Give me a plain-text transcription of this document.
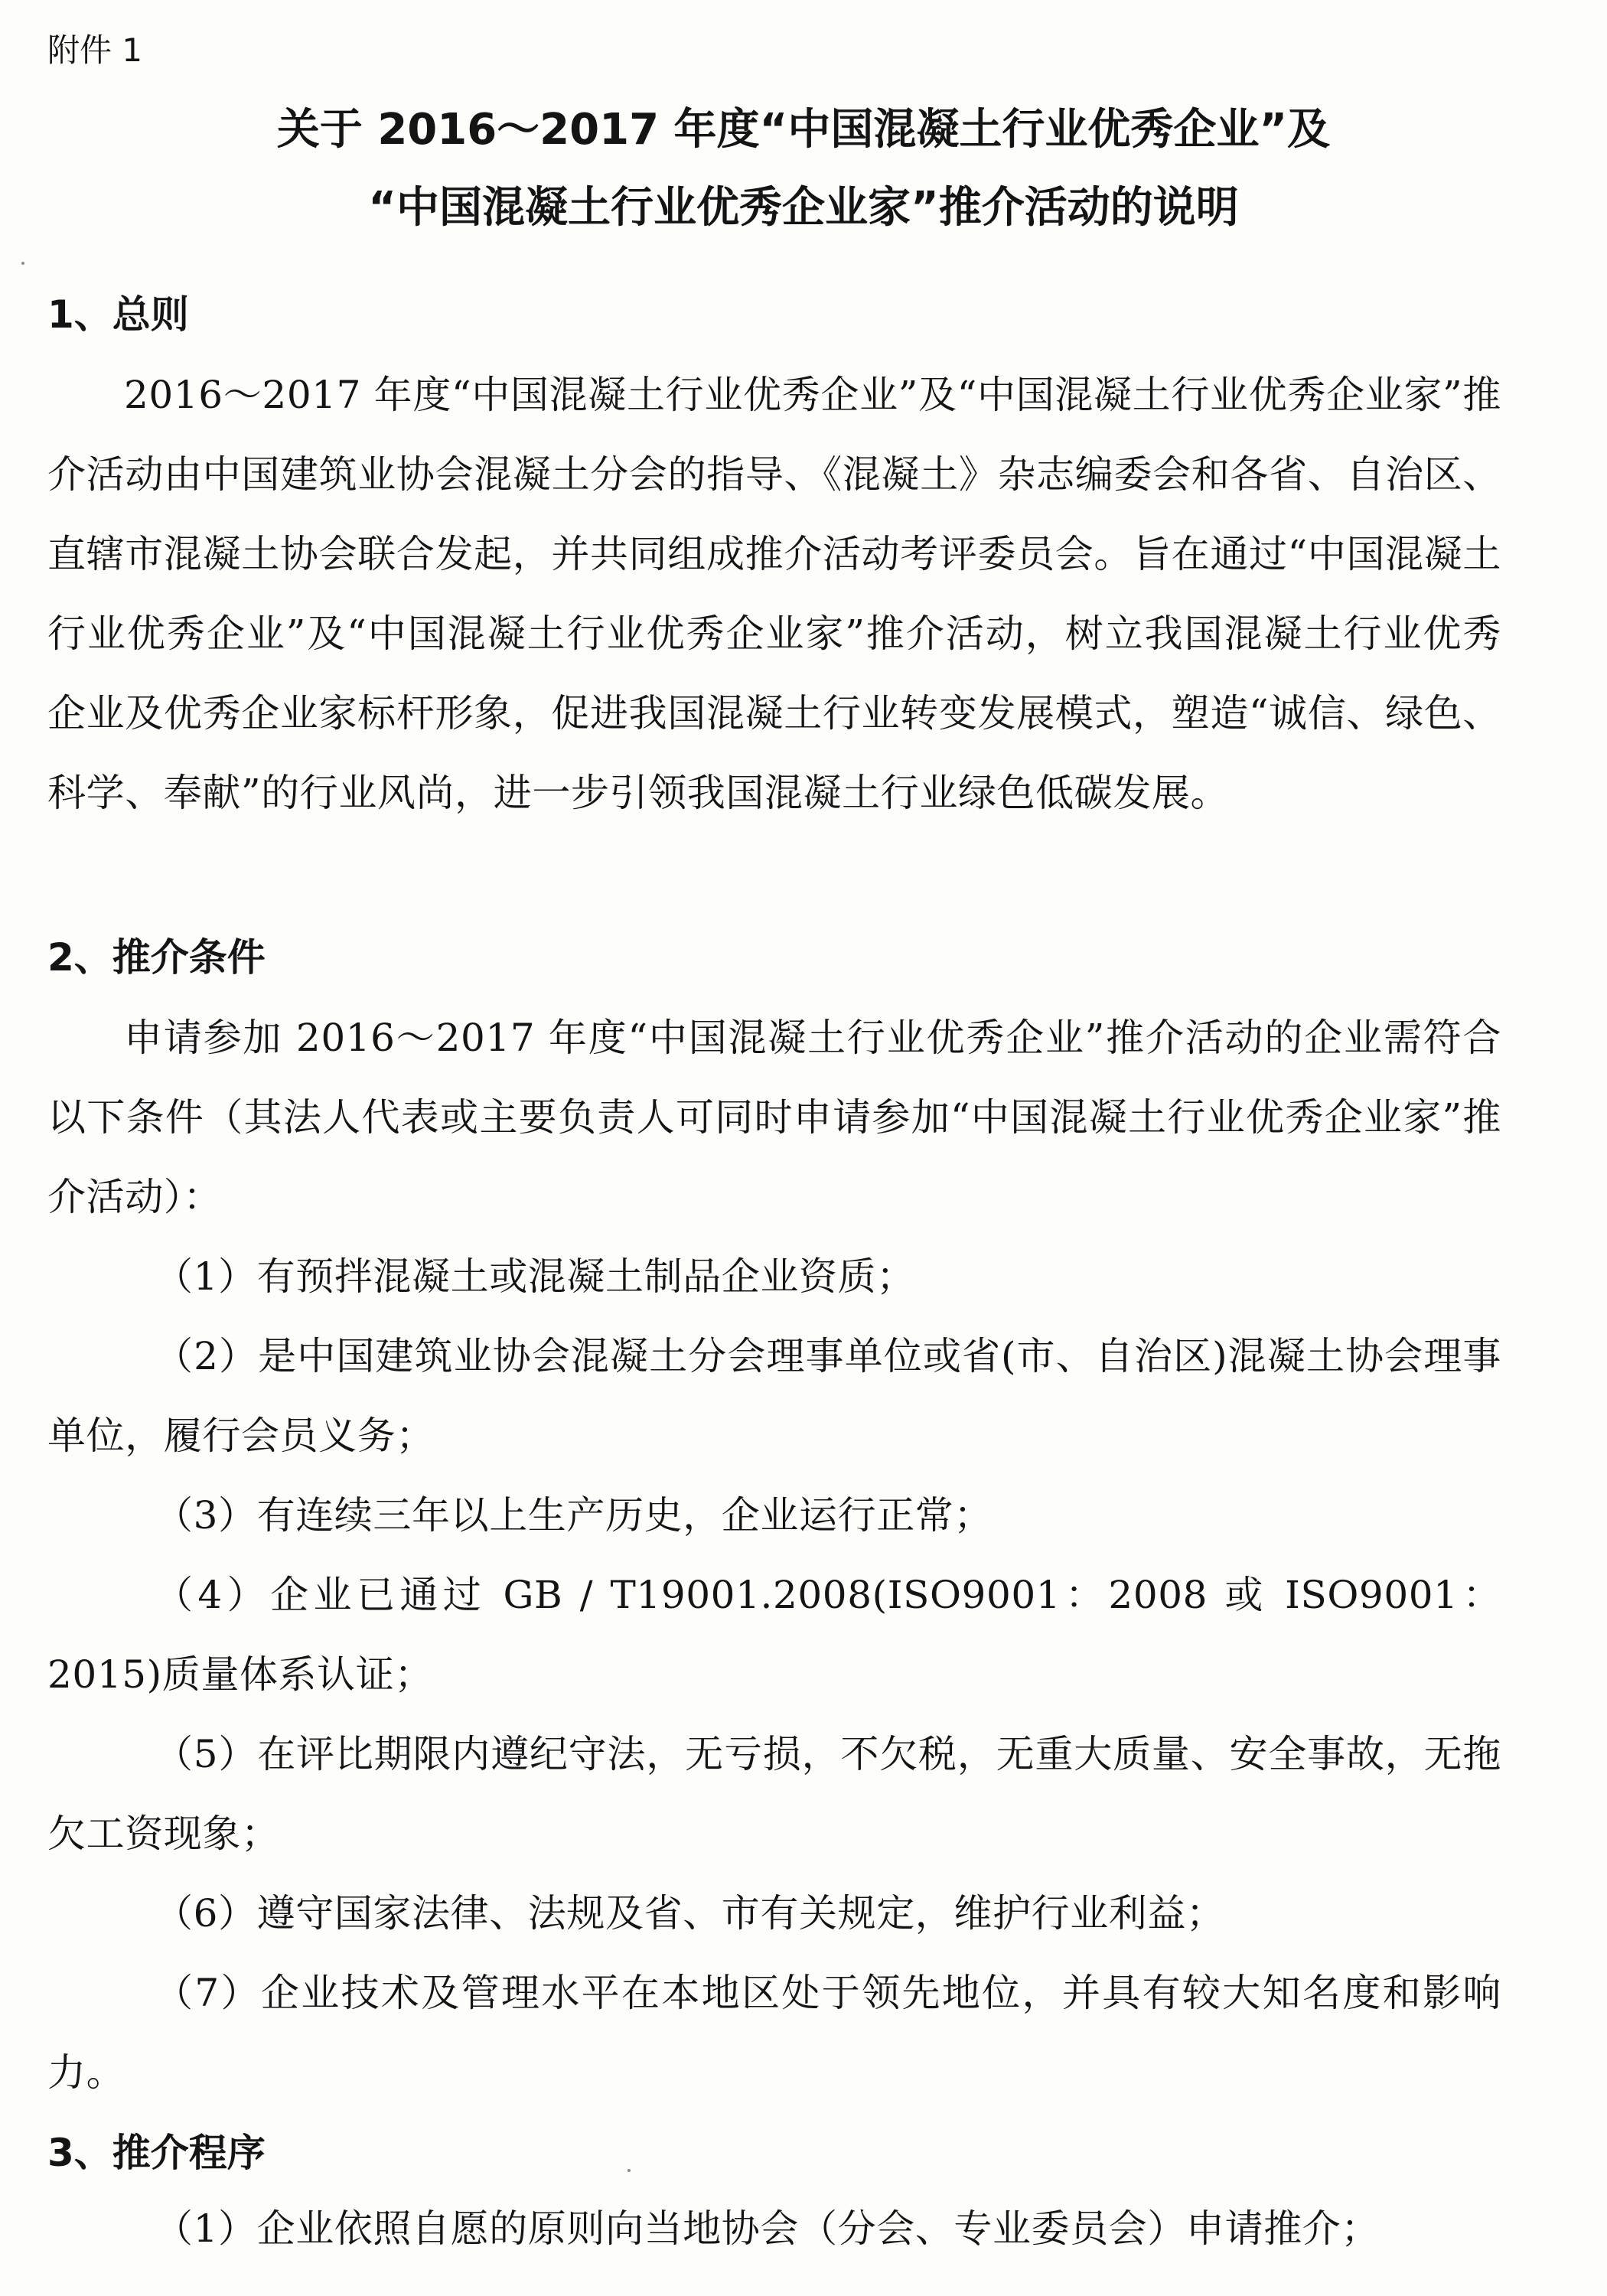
附件 1

关于 2016～2017 年度“中国混凝土行业优秀企业”及
“中国混凝土行业优秀企业家”推介活动的说明
1、总则

2016～2017 年度“中国混凝土行业优秀企业”及“中国混凝土行业优秀企业家”推介活动由中国建筑业协会混凝土分会的指导、《混凝土》杂志编委会和各省、自治区、直辖市混凝土协会联合发起，并共同组成推介活动考评委员会。旨在通过“中国混凝土行业优秀企业”及“中国混凝土行业优秀企业家”推介活动，树立我国混凝土行业优秀企业及优秀企业家标杆形象，促进我国混凝土行业转变发展模式，塑造“诚信、绿色、科学、奉献”的行业风尚，进一步引领我国混凝土行业绿色低碳发展。

2、推介条件

申请参加 2016～2017 年度“中国混凝土行业优秀企业”推介活动的企业需符合以下条件（其法人代表或主要负责人可同时申请参加“中国混凝土行业优秀企业家”推介活动）：

（1）有预拌混凝土或混凝土制品企业资质；

（2）是中国建筑业协会混凝土分会理事单位或省(市、自治区)混凝土协会理事单位，履行会员义务；

（3）有连续三年以上生产历史，企业运行正常；

（4）企业已通过 GB / T19001.2008(ISO9001：2008 或 ISO9001：2015)质量体系认证；

（5）在评比期限内遵纪守法，无亏损，不欠税，无重大质量、安全事故，无拖欠工资现象；

（6）遵守国家法律、法规及省、市有关规定，维护行业利益；

（7）企业技术及管理水平在本地区处于领先地位，并具有较大知名度和影响力。

3、推介程序

（1）企业依照自愿的原则向当地协会（分会、专业委员会）申请推介；
